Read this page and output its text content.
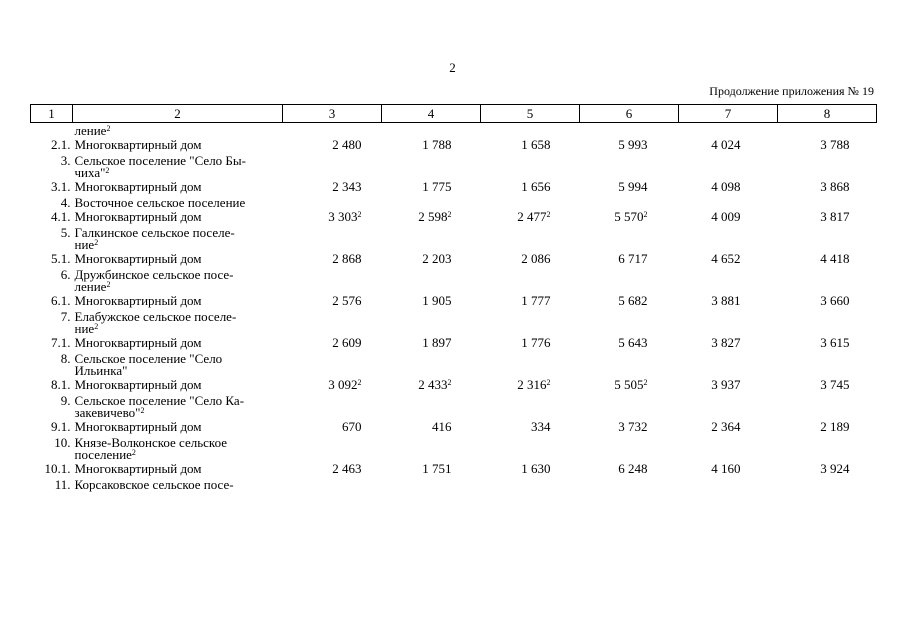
2
Продолжение приложения № 19
1	2	3	4	5	6	7	8
	ление$^2$	
2.1.	Многоквартирный дом	2 480	1 788	1 658	5 993	4 024	3 788
3.	Сельское поселение "Село Бы-
чиха"$^2$	
3.1.	Многоквартирный дом	2 343	1 775	1 656	5 994	4 098	3 868
4.	Восточное сельское поселение						
4.1.	Многоквартирный дом	3 $303^2$	2 $598^2$	2 $477^2$	5 $570^2$	4 009	3 817
5.	Галкинское сельское поселе-
ние$^2$	
5.1.	Многоквартирный дом	2 868	2 203	2 086	6 717	4 652	4 418
6.	Дружбинское сельское посе-
ление$^2$	
6.1.	Многоквартирный дом	2 576	1 905	1 777	5 682	3 881	3 660
7.	Елабужское сельское поселе-
ние$^2$	
7.1.	Многоквартирный дом	2 609	1 897	1 776	5 643	3 827	3 615
8.	Сельское поселение "Село
Ильинка"						
8.1.	Многоквартирный дом	3 $092^2$	2 $433^2$	2 $316^2$	5 $505^2$	3 937	3 745
9.	Сельское поселение "Село Ка-
закевичево"$^2$	
9.1.	Многоквартирный дом	670	416	334	3 732	2 364	2 189
10.	Князе-Волконское сельское
поселение$^2$	
10.1.	Многоквартирный дом	2 463	1 751	1 630	6 248	4 160	3 924
11.	Корсаковское сельское посе-						
